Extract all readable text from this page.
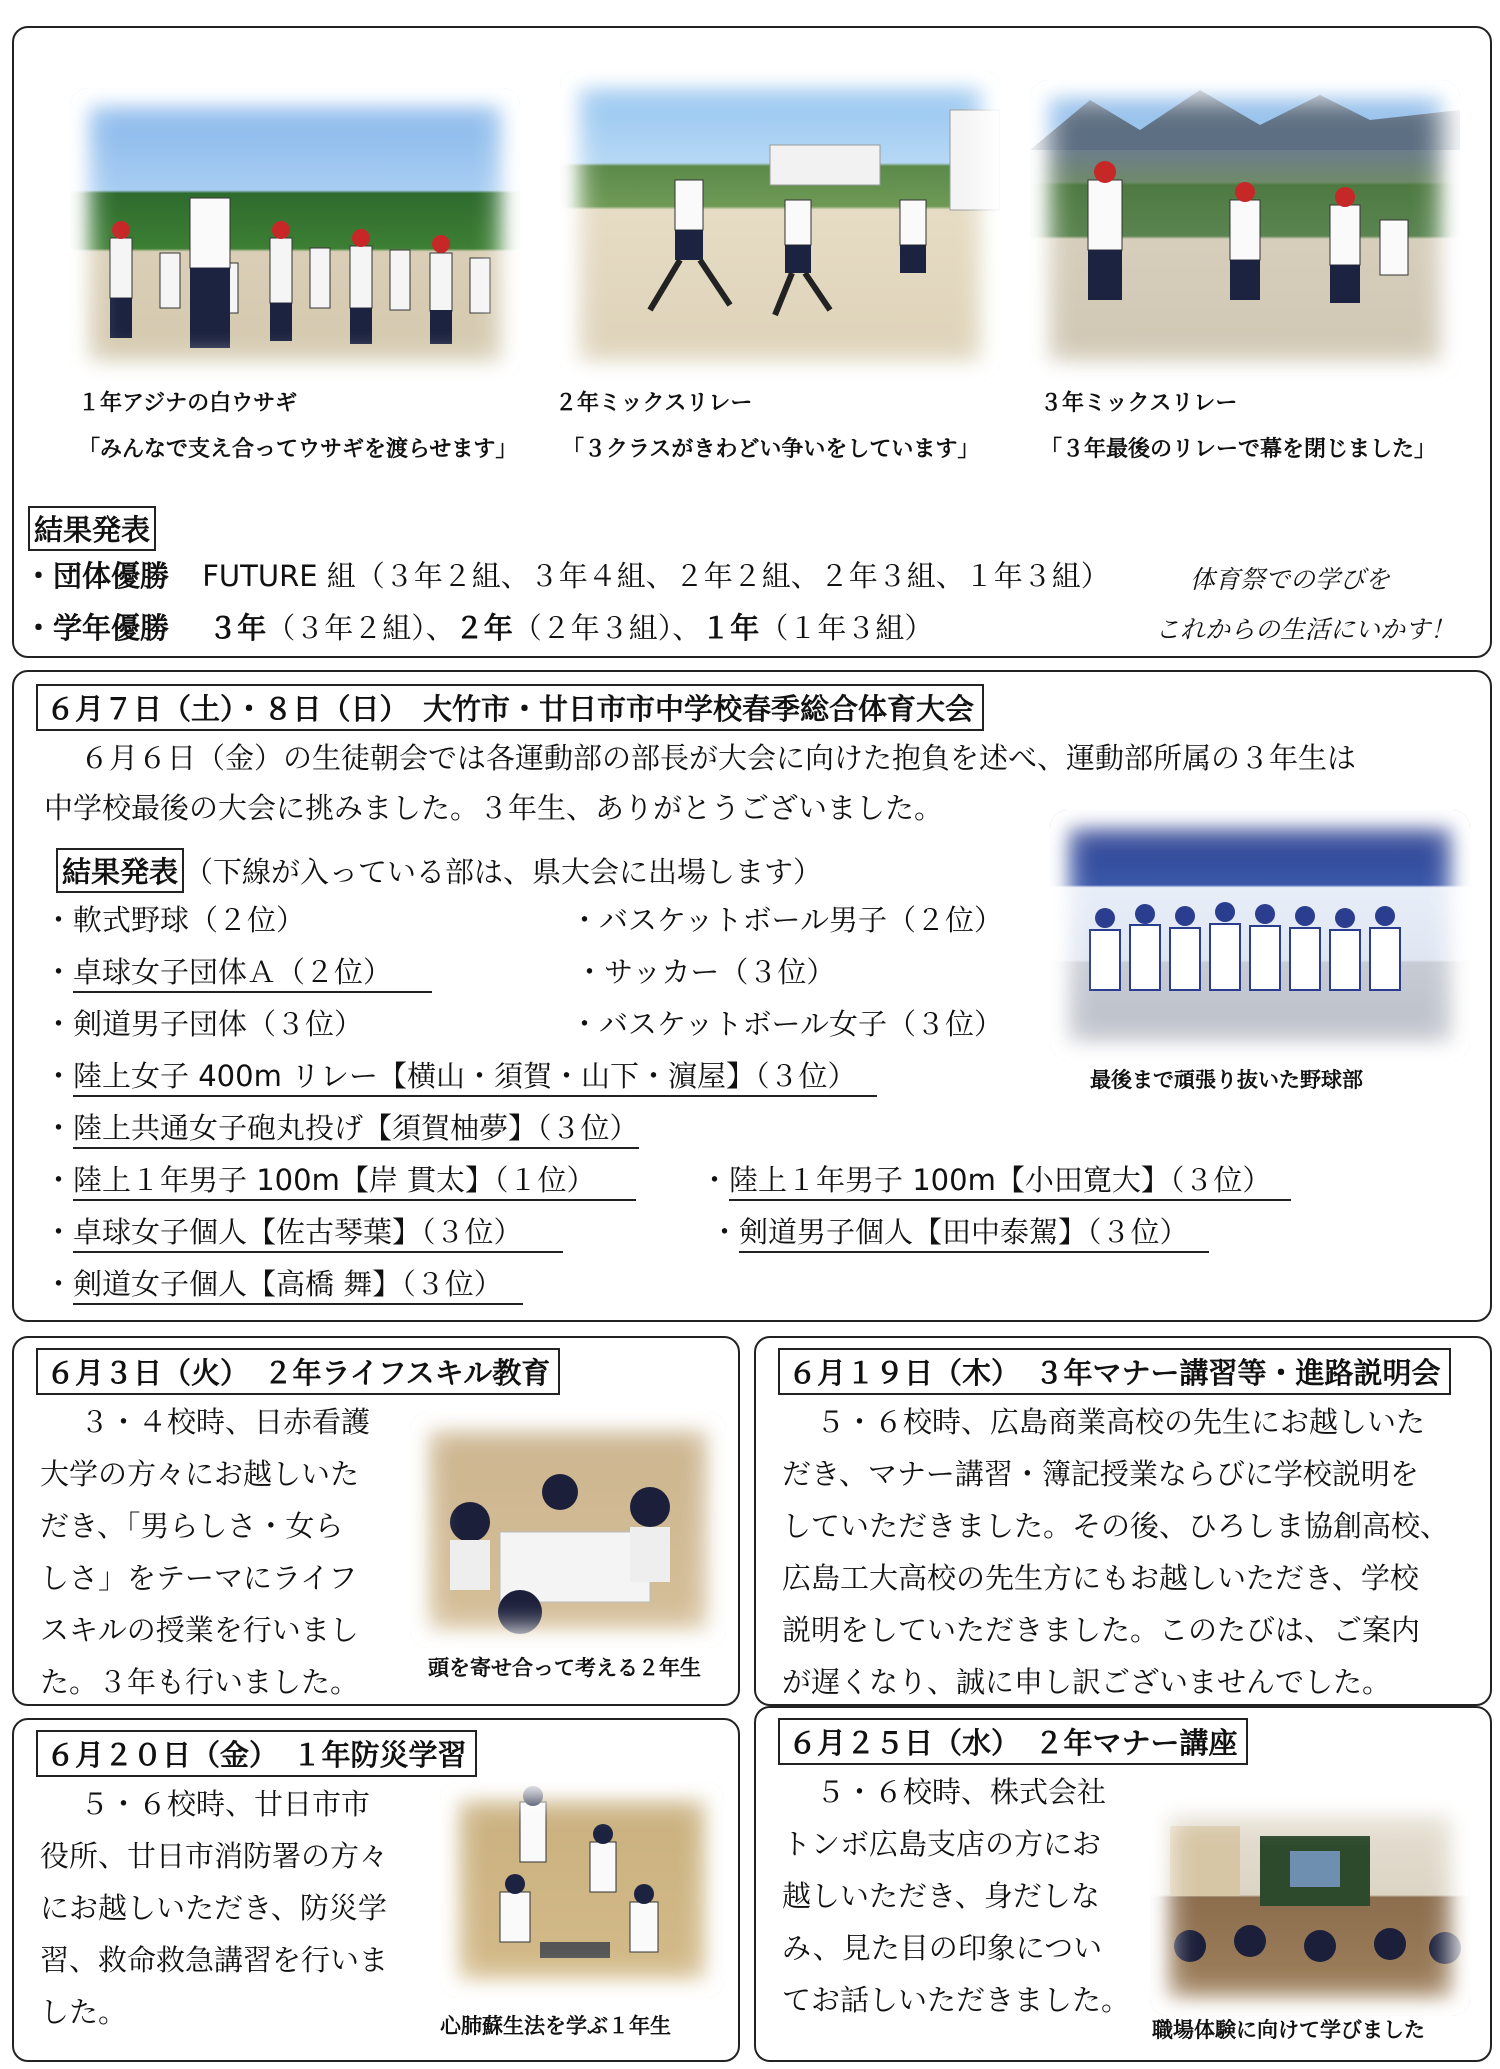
１年アジナの白ウサギ
「みんなで支え合ってウサギを渡らせます」
２年ミックスリレー
「３クラスがきわどい争いをしています」
３年ミックスリレー
「３年最後のリレーで幕を閉じました」
結果発表
・団体優勝 FUTURE 組（３年２組、３年４組、２年２組、２年３組、１年３組）
・学年優勝 ３年（３年２組）、２年（２年３組）、１年（１年３組）
体育祭での学びを
これからの生活にいかす！
６月７日（土）・８日（日）　大竹市・廿日市市中学校春季総合体育大会
６月６日（金）の生徒朝会では各運動部の部長が大会に向けた抱負を述べ、運動部所属の３年生は
中学校最後の大会に挑みました。３年生、ありがとうございました。
結果発表 （下線が入っている部は、県大会に出場します）
・軟式野球（２位）	・バスケットボール男子（２位）
・卓球女子団体Ａ（２位）	・サッカー（３位）
・剣道男子団体（３位）	・バスケットボール女子（３位）
・陸上女子 400m リレー【横山・須賀・山下・濵屋】（３位）
・陸上共通女子砲丸投げ【須賀柚夢】（３位）
・陸上１年男子 100m【岸 貫太】（１位）	・陸上１年男子 100m【小田寛大】（３位）
・卓球女子個人【佐古琴葉】（３位）	・剣道男子個人【田中泰駕】（３位）
・剣道女子個人【高橋 舞】（３位）
最後まで頑張り抜いた野球部
６月３日（火）　２年ライフスキル教育
３・４校時、日赤看護
大学の方々にお越しいた
だき、「男らしさ・女ら
しさ」をテーマにライフ
スキルの授業を行いまし
た。３年も行いました。	頭を寄せ合って考える２年生
６月１９日（木）　３年マナー講習等・進路説明会
５・６校時、広島商業高校の先生にお越しいた
だき、マナー講習・簿記授業ならびに学校説明を
していただきました。その後、ひろしま協創高校、
広島工大高校の先生方にもお越しいただき、学校
説明をしていただきました。このたびは、ご案内
が遅くなり、誠に申し訳ございませんでした。
６月２０日（金）　１年防災学習
５・６校時、廿日市市
役所、廿日市消防署の方々
にお越しいただき、防災学
習、救命救急講習を行いま
した。	心肺蘇生法を学ぶ１年生
６月２５日（水）　２年マナー講座
５・６校時、株式会社
トンボ広島支店の方にお
越しいただき、身だしな
み、見た目の印象につい
てお話しいただきました。
職場体験に向けて学びました
